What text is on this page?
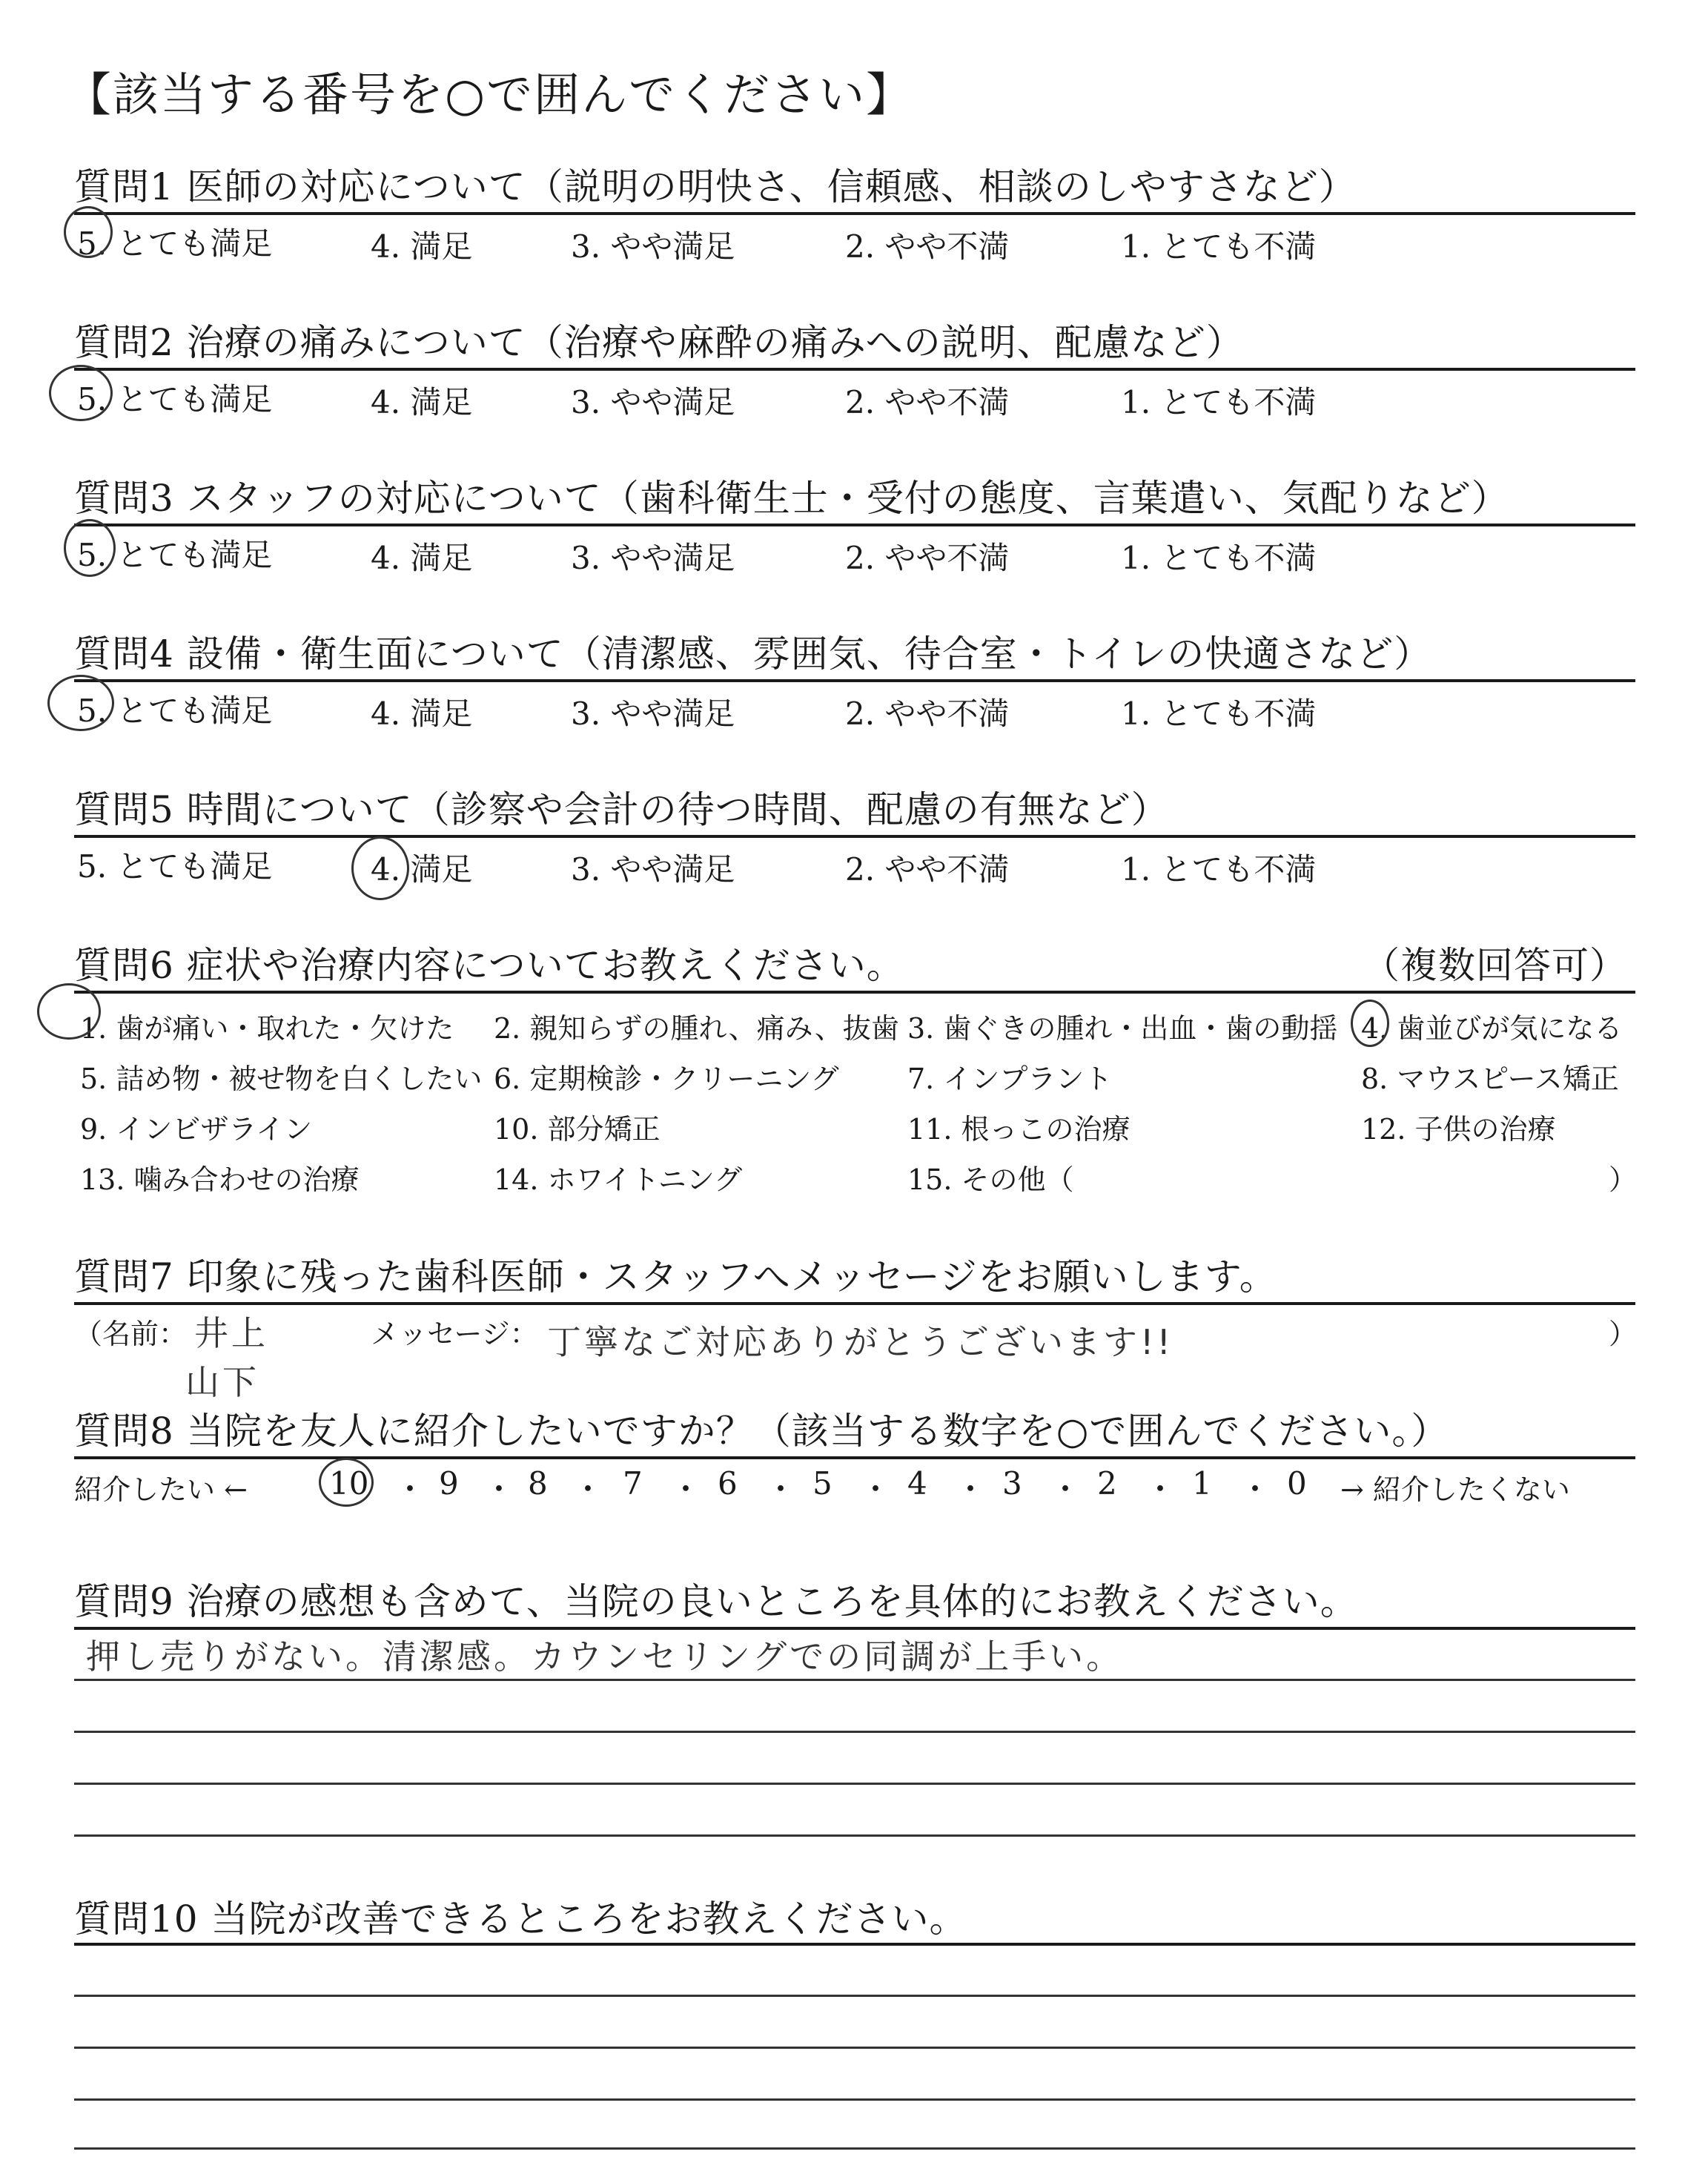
【該当する番号を○で囲んでください】
質問1 医師の対応について（説明の明快さ、信頼感、相談のしやすさなど）
5. とても満足	4. 満足	3. やや満足	2. やや不満	1. とても不満
質問2 治療の痛みについて（治療や麻酔の痛みへの説明、配慮など）
5. とても満足	4. 満足	3. やや満足	2. やや不満	1. とても不満
質問3 スタッフの対応について（歯科衛生士・受付の態度、言葉遣い、気配りなど）
5. とても満足	4. 満足	3. やや満足	2. やや不満	1. とても不満
質問4 設備・衛生面について（清潔感、雰囲気、待合室・トイレの快適さなど）
5. とても満足	4. 満足	3. やや満足	2. やや不満	1. とても不満
質問5 時間について（診察や会計の待つ時間、配慮の有無など）
5. とても満足	4. 満足	3. やや満足	2. やや不満	1. とても不満
質問6 症状や治療内容についてお教えください。	（複数回答可）
1. 歯が痛い・取れた・欠けた 2. 親知らずの腫れ、痛み、抜歯 3. 歯ぐきの腫れ・出血・歯の動揺 4. 歯並びが気になる
5. 詰め物・被せ物を白くしたい 6. 定期検診・クリーニング 7. インプラント	8. マウスピース矯正
9. インビザライン	10. 部分矯正	11. 根っこの治療	12. 子供の治療
13. 噛み合わせの治療	14. ホワイトニング	15. その他（	）
質問7 印象に残った歯科医師・スタッフへメッセージをお願いします。
（名前： 井上
山下
メッセージ： 丁寧なご対応ありがとうございます!!	）
質問8 当院を友人に紹介したいですか？（該当する数字を○で囲んでください。）
紹介したい ←	10 ・ 9 ・ 8 ・ 7 ・ 6 ・ 5 ・ 4 ・ 3 ・ 2 ・ 1 ・ 0 → 紹介したくない
質問9 治療の感想も含めて、当院の良いところを具体的にお教えください。
押し売りがない。清潔感。カウンセリングでの同調が上手い。
質問10 当院が改善できるところをお教えください。
